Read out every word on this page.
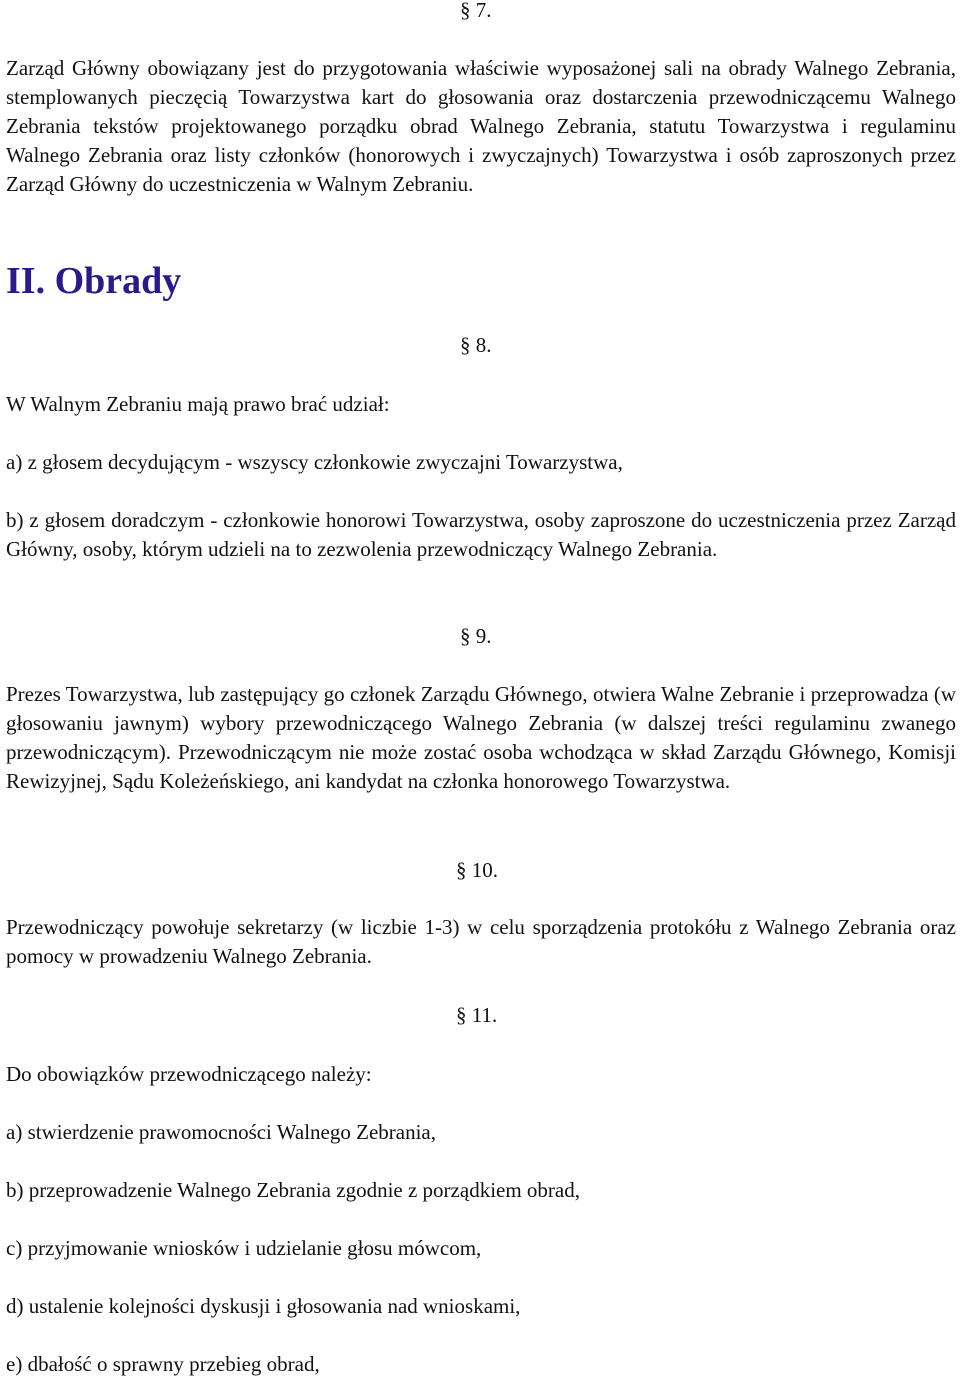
§ 7.

Zarząd Główny obowiązany jest do przygotowania właściwie wyposażonej sali na obrady Walnego Zebrania, stemplowanych pieczęcią Towarzystwa kart do głosowania oraz dostarczenia przewodniczącemu Walnego Zebrania tekstów projektowanego porządku obrad Walnego Zebrania, statutu Towarzystwa i regulaminu Walnego Zebrania oraz listy członków (honorowych i zwyczajnych) Towarzystwa i osób zaproszonych przez Zarząd Główny do uczestniczenia w Walnym Zebraniu.

II. Obrady

§ 8.

W Walnym Zebraniu mają prawo brać udział:

a) z głosem decydującym - wszyscy członkowie zwyczajni Towarzystwa,

b) z głosem doradczym - członkowie honorowi Towarzystwa, osoby zaproszone do uczestniczenia przez Zarząd Główny, osoby, którym udzieli na to zezwolenia przewodniczący Walnego Zebrania.

§ 9.

Prezes Towarzystwa, lub zastępujący go członek Zarządu Głównego, otwiera Walne Zebranie i przeprowadza (w głosowaniu jawnym) wybory przewodniczącego Walnego Zebrania (w dalszej treści regulaminu zwanego przewodniczącym). Przewodniczącym nie może zostać osoba wchodząca w skład Zarządu Głównego, Komisji Rewizyjnej, Sądu Koleżeńskiego, ani kandydat na członka honorowego Towarzystwa.

§ 10.

Przewodniczący powołuje sekretarzy (w liczbie 1-3) w celu sporządzenia protokółu z Walnego Zebrania oraz pomocy w prowadzeniu Walnego Zebrania.

§ 11.

Do obowiązków przewodniczącego należy:

a) stwierdzenie prawomocności Walnego Zebrania,

b) przeprowadzenie Walnego Zebrania zgodnie z porządkiem obrad,

c) przyjmowanie wniosków i udzielanie głosu mówcom,

d) ustalenie kolejności dyskusji i głosowania nad wnioskami,

e) dbałość o sprawny przebieg obrad,
